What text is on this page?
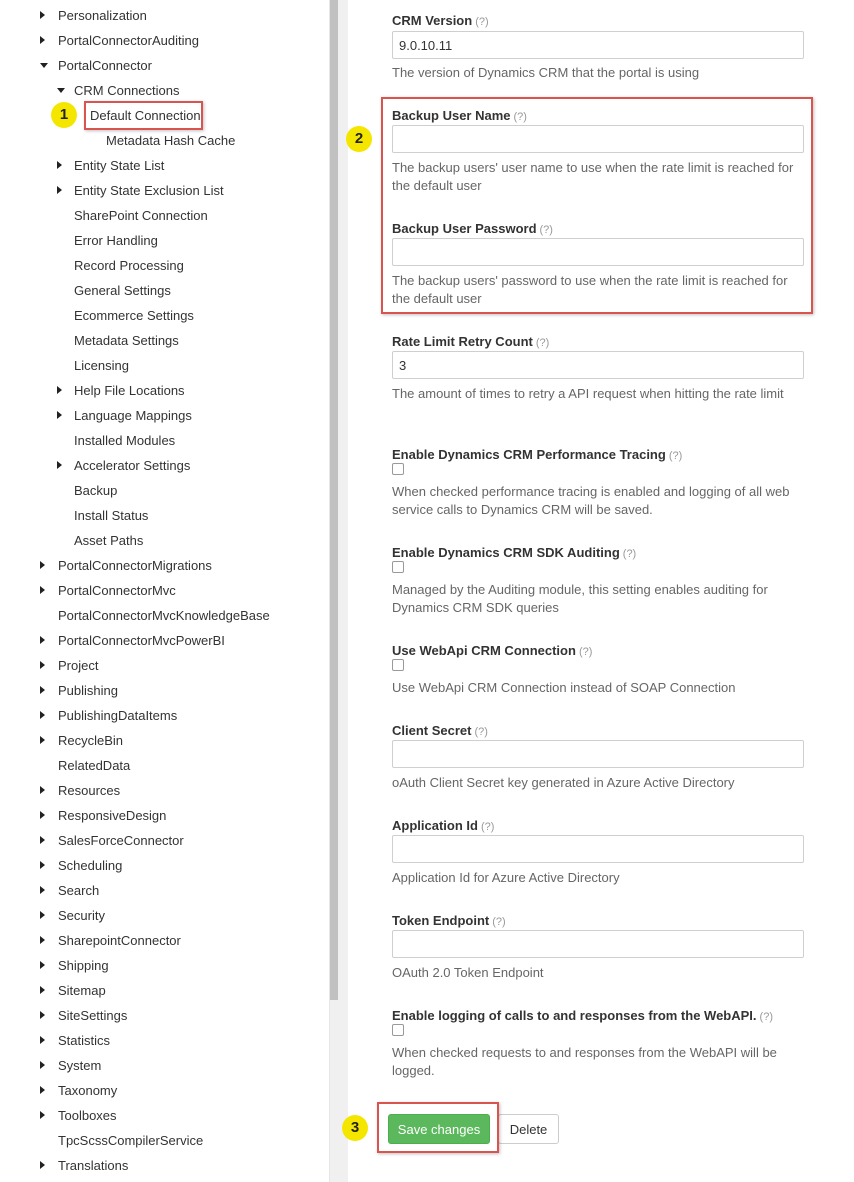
Personalization
PortalConnectorAuditing
PortalConnector
CRM Connections
Default Connection
Metadata Hash Cache
Entity State List
Entity State Exclusion List
SharePoint Connection
Error Handling
Record Processing
General Settings
Ecommerce Settings
Metadata Settings
Licensing
Help File Locations
Language Mappings
Installed Modules
Accelerator Settings
Backup
Install Status
Asset Paths
PortalConnectorMigrations
PortalConnectorMvc
PortalConnectorMvcKnowledgeBase
PortalConnectorMvcPowerBI
Project
Publishing
PublishingDataItems
RecycleBin
RelatedData
Resources
ResponsiveDesign
SalesForceConnector
Scheduling
Search
Security
SharepointConnector
Shipping
Sitemap
SiteSettings
Statistics
System
Taxonomy
Toolboxes
TpcScssCompilerService
Translations
1
CRM Version (?)
9.0.10.11
The version of Dynamics CRM that the portal is using
Backup User Name (?)
The backup users' user name to use when the rate limit is reached for the default user
Backup User Password (?)
The backup users' password to use when the rate limit is reached for the default user
2
Rate Limit Retry Count (?)
3
The amount of times to retry a API request when hitting the rate limit
Enable Dynamics CRM Performance Tracing (?)
When checked performance tracing is enabled and logging of all web service calls to Dynamics CRM will be saved.
Enable Dynamics CRM SDK Auditing (?)
Managed by the Auditing module, this setting enables auditing for Dynamics CRM SDK queries
Use WebApi CRM Connection (?)
Use WebApi CRM Connection instead of SOAP Connection
Client Secret (?)
oAuth Client Secret key generated in Azure Active Directory
Application Id (?)
Application Id for Azure Active Directory
Token Endpoint (?)
OAuth 2.0 Token Endpoint
Enable logging of calls to and responses from the WebAPI. (?)
When checked requests to and responses from the WebAPI will be logged.
Save changes	Delete
3
